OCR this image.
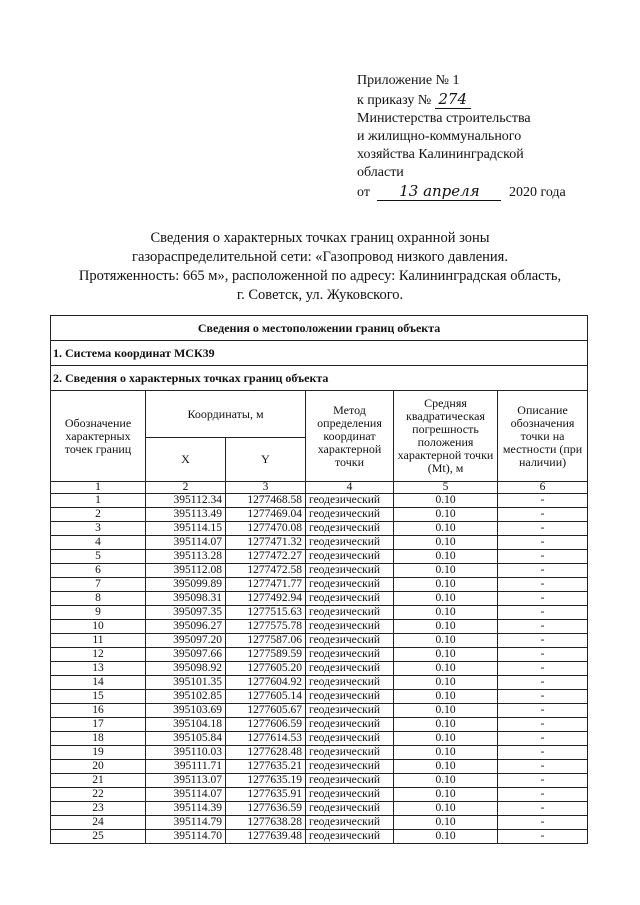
Приложение № 1
к приказу № 274
Министерства строительства
и жилищно-коммунального
хозяйства Калининградской
области
от 13 апреля 2020 года
Сведения о характерных точках границ охранной зоны
газораспределительной сети: «Газопровод низкого давления.
Протяженность: 665 м», расположенной по адресу: Калининградская область,
г. Советск, ул. Жуковского.
Сведения о местоположении границ объекта					
1. Система координат МСК39					
2. Сведения о характерных точках границ объекта					
Обозначение характерных точек границ	Координаты, м		Метод определения координат характерной точки	Средняя квадратическая погрешность положения характерной точки (Mt), м	Описание обозначения точки на местности (при наличии)
	X	Y			
1	2	3	4	5	6
1	395112.34	1277468.58	геодезический	0.10	-
2	395113.49	1277469.04	геодезический	0.10	-
3	395114.15	1277470.08	геодезический	0.10	-
4	395114.07	1277471.32	геодезический	0.10	-
5	395113.28	1277472.27	геодезический	0.10	-
6	395112.08	1277472.58	геодезический	0.10	-
7	395099.89	1277471.77	геодезический	0.10	-
8	395098.31	1277492.94	геодезический	0.10	-
9	395097.35	1277515.63	геодезический	0.10	-
10	395096.27	1277575.78	геодезический	0.10	-
11	395097.20	1277587.06	геодезический	0.10	-
12	395097.66	1277589.59	геодезический	0.10	-
13	395098.92	1277605.20	геодезический	0.10	-
14	395101.35	1277604.92	геодезический	0.10	-
15	395102.85	1277605.14	геодезический	0.10	-
16	395103.69	1277605.67	геодезический	0.10	-
17	395104.18	1277606.59	геодезический	0.10	-
18	395105.84	1277614.53	геодезический	0.10	-
19	395110.03	1277628.48	геодезический	0.10	-
20	395111.71	1277635.21	геодезический	0.10	-
21	395113.07	1277635.19	геодезический	0.10	-
22	395114.07	1277635.91	геодезический	0.10	-
23	395114.39	1277636.59	геодезический	0.10	-
24	395114.79	1277638.28	геодезический	0.10	-
25	395114.70	1277639.48	геодезический	0.10	-
